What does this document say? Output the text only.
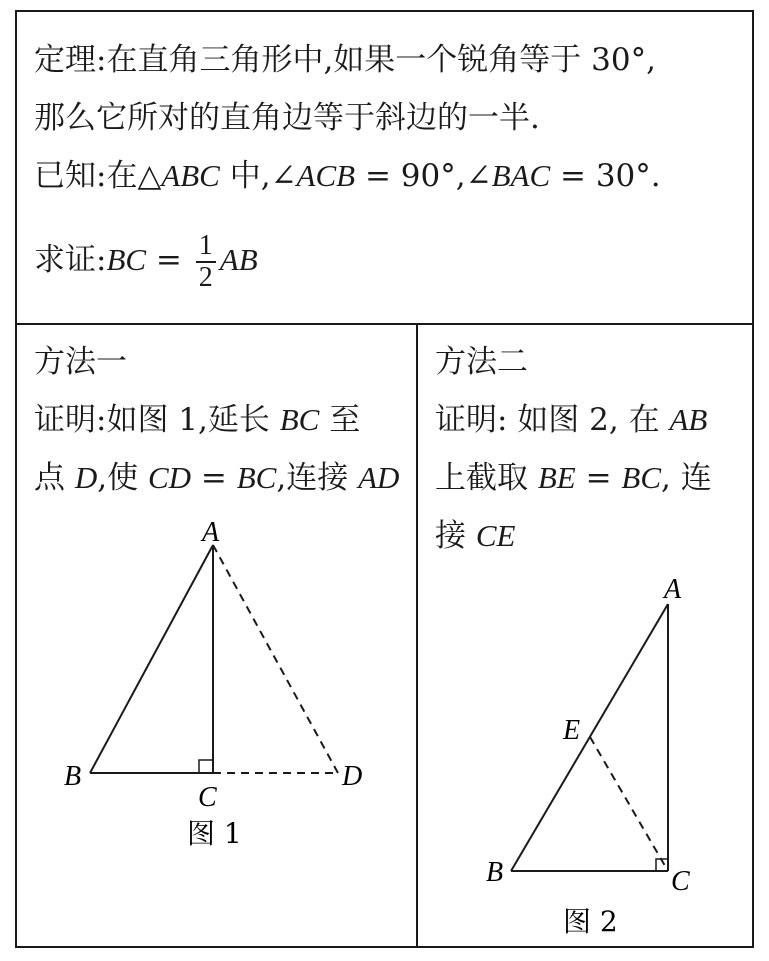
定理:在直角三角形中,如果一个锐角等于 30°,
那么它所对的直角边等于斜边的一半.
已知:在△ABC 中,∠ACB = 90°,∠BAC = 30°.
求证:BC = $\frac{1}{2}$ AB
方法一
证明:如图 1,延长 BC 至
点 D,使 CD = BC,连接 AD
A
B
C
D
图 1
方法二
证明: 如图 2, 在 AB
上截取 BE = BC, 连
接 CE
A
E
B	C
图 2
